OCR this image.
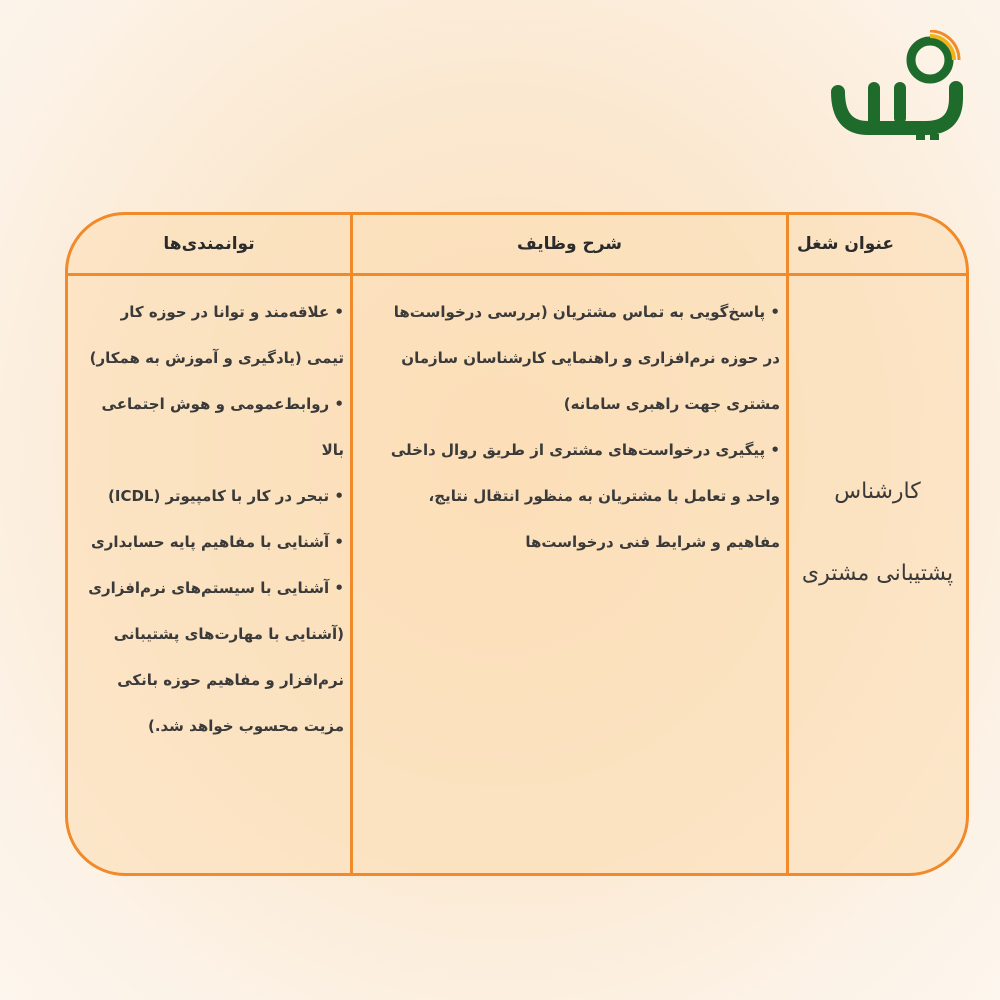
توانمندی‌ها	شرح وظایف	عنوان شغل

• علاقه‌مند و توانا در حوزه کار

تیمی (یادگیری و آموزش به همکار)

• روابط‌عمومی و هوش اجتماعی بالا

• تبحر در کار با کامپیوتر (ICDL)

• آشنایی با مفاهیم پایه حسابداری

• آشنایی با سیستم‌های نرم‌افزاری

(آشنایی با مهارت‌های پشتیبانی

نرم‌افزار و مفاهیم حوزه بانکی

مزیت محسوب خواهد شد.)

• پاسخ‌گویی به تماس مشتریان (بررسی درخواست‌ها

در حوزه نرم‌افزاری و راهنمایی کارشناسان سازمان

مشتری جهت راهبری سامانه)

• پیگیری درخواست‌های مشتری از طریق روال داخلی

واحد و تعامل با مشتریان به منظور انتقال نتایج،

مفاهیم و شرایط فنی درخواست‌ها

کارشناس

پشتیبانی مشتری
